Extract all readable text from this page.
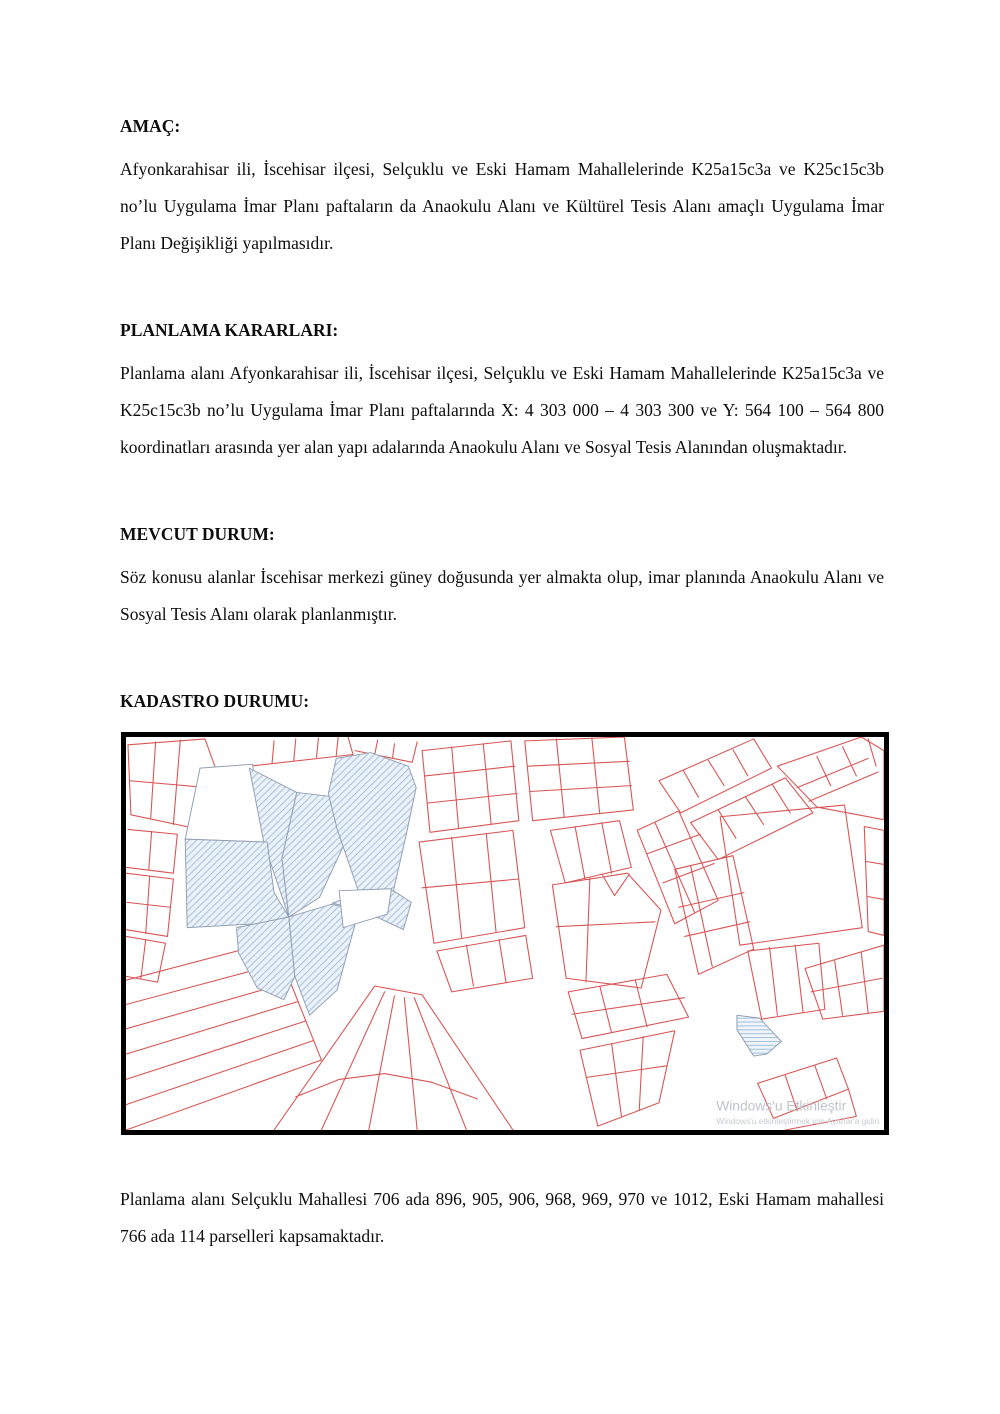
AMAÇ:

Afyonkarahisar ili, İscehisar ilçesi, Selçuklu ve Eski Hamam Mahallelerinde K25a15c3a ve K25c15c3b no’lu Uygulama İmar Planı paftaların da Anaokulu Alanı ve Kültürel Tesis Alanı amaçlı Uygulama İmar Planı Değişikliği yapılmasıdır.

PLANLAMA KARARLARI:

Planlama alanı Afyonkarahisar ili, İscehisar ilçesi, Selçuklu ve Eski Hamam Mahallelerinde K25a15c3a ve K25c15c3b no’lu Uygulama İmar Planı paftalarında X: 4 303 000 – 4 303 300 ve Y: 564 100 – 564 800 koordinatları arasında yer alan yapı adalarında Anaokulu Alanı ve Sosyal Tesis Alanından oluşmaktadır.

MEVCUT DURUM:

Söz konusu alanlar İscehisar merkezi güney doğusunda yer almakta olup, imar planında Anaokulu Alanı ve Sosyal Tesis Alanı olarak planlanmıştır.

KADASTRO DURUMU:
Windows'u Etkinleştir
Windows'u etkinleştirmek için Ayarlar'a gidin

Planlama alanı Selçuklu Mahallesi 706 ada 896, 905, 906, 968, 969, 970 ve 1012, Eski Hamam mahallesi 766 ada 114 parselleri kapsamaktadır.
